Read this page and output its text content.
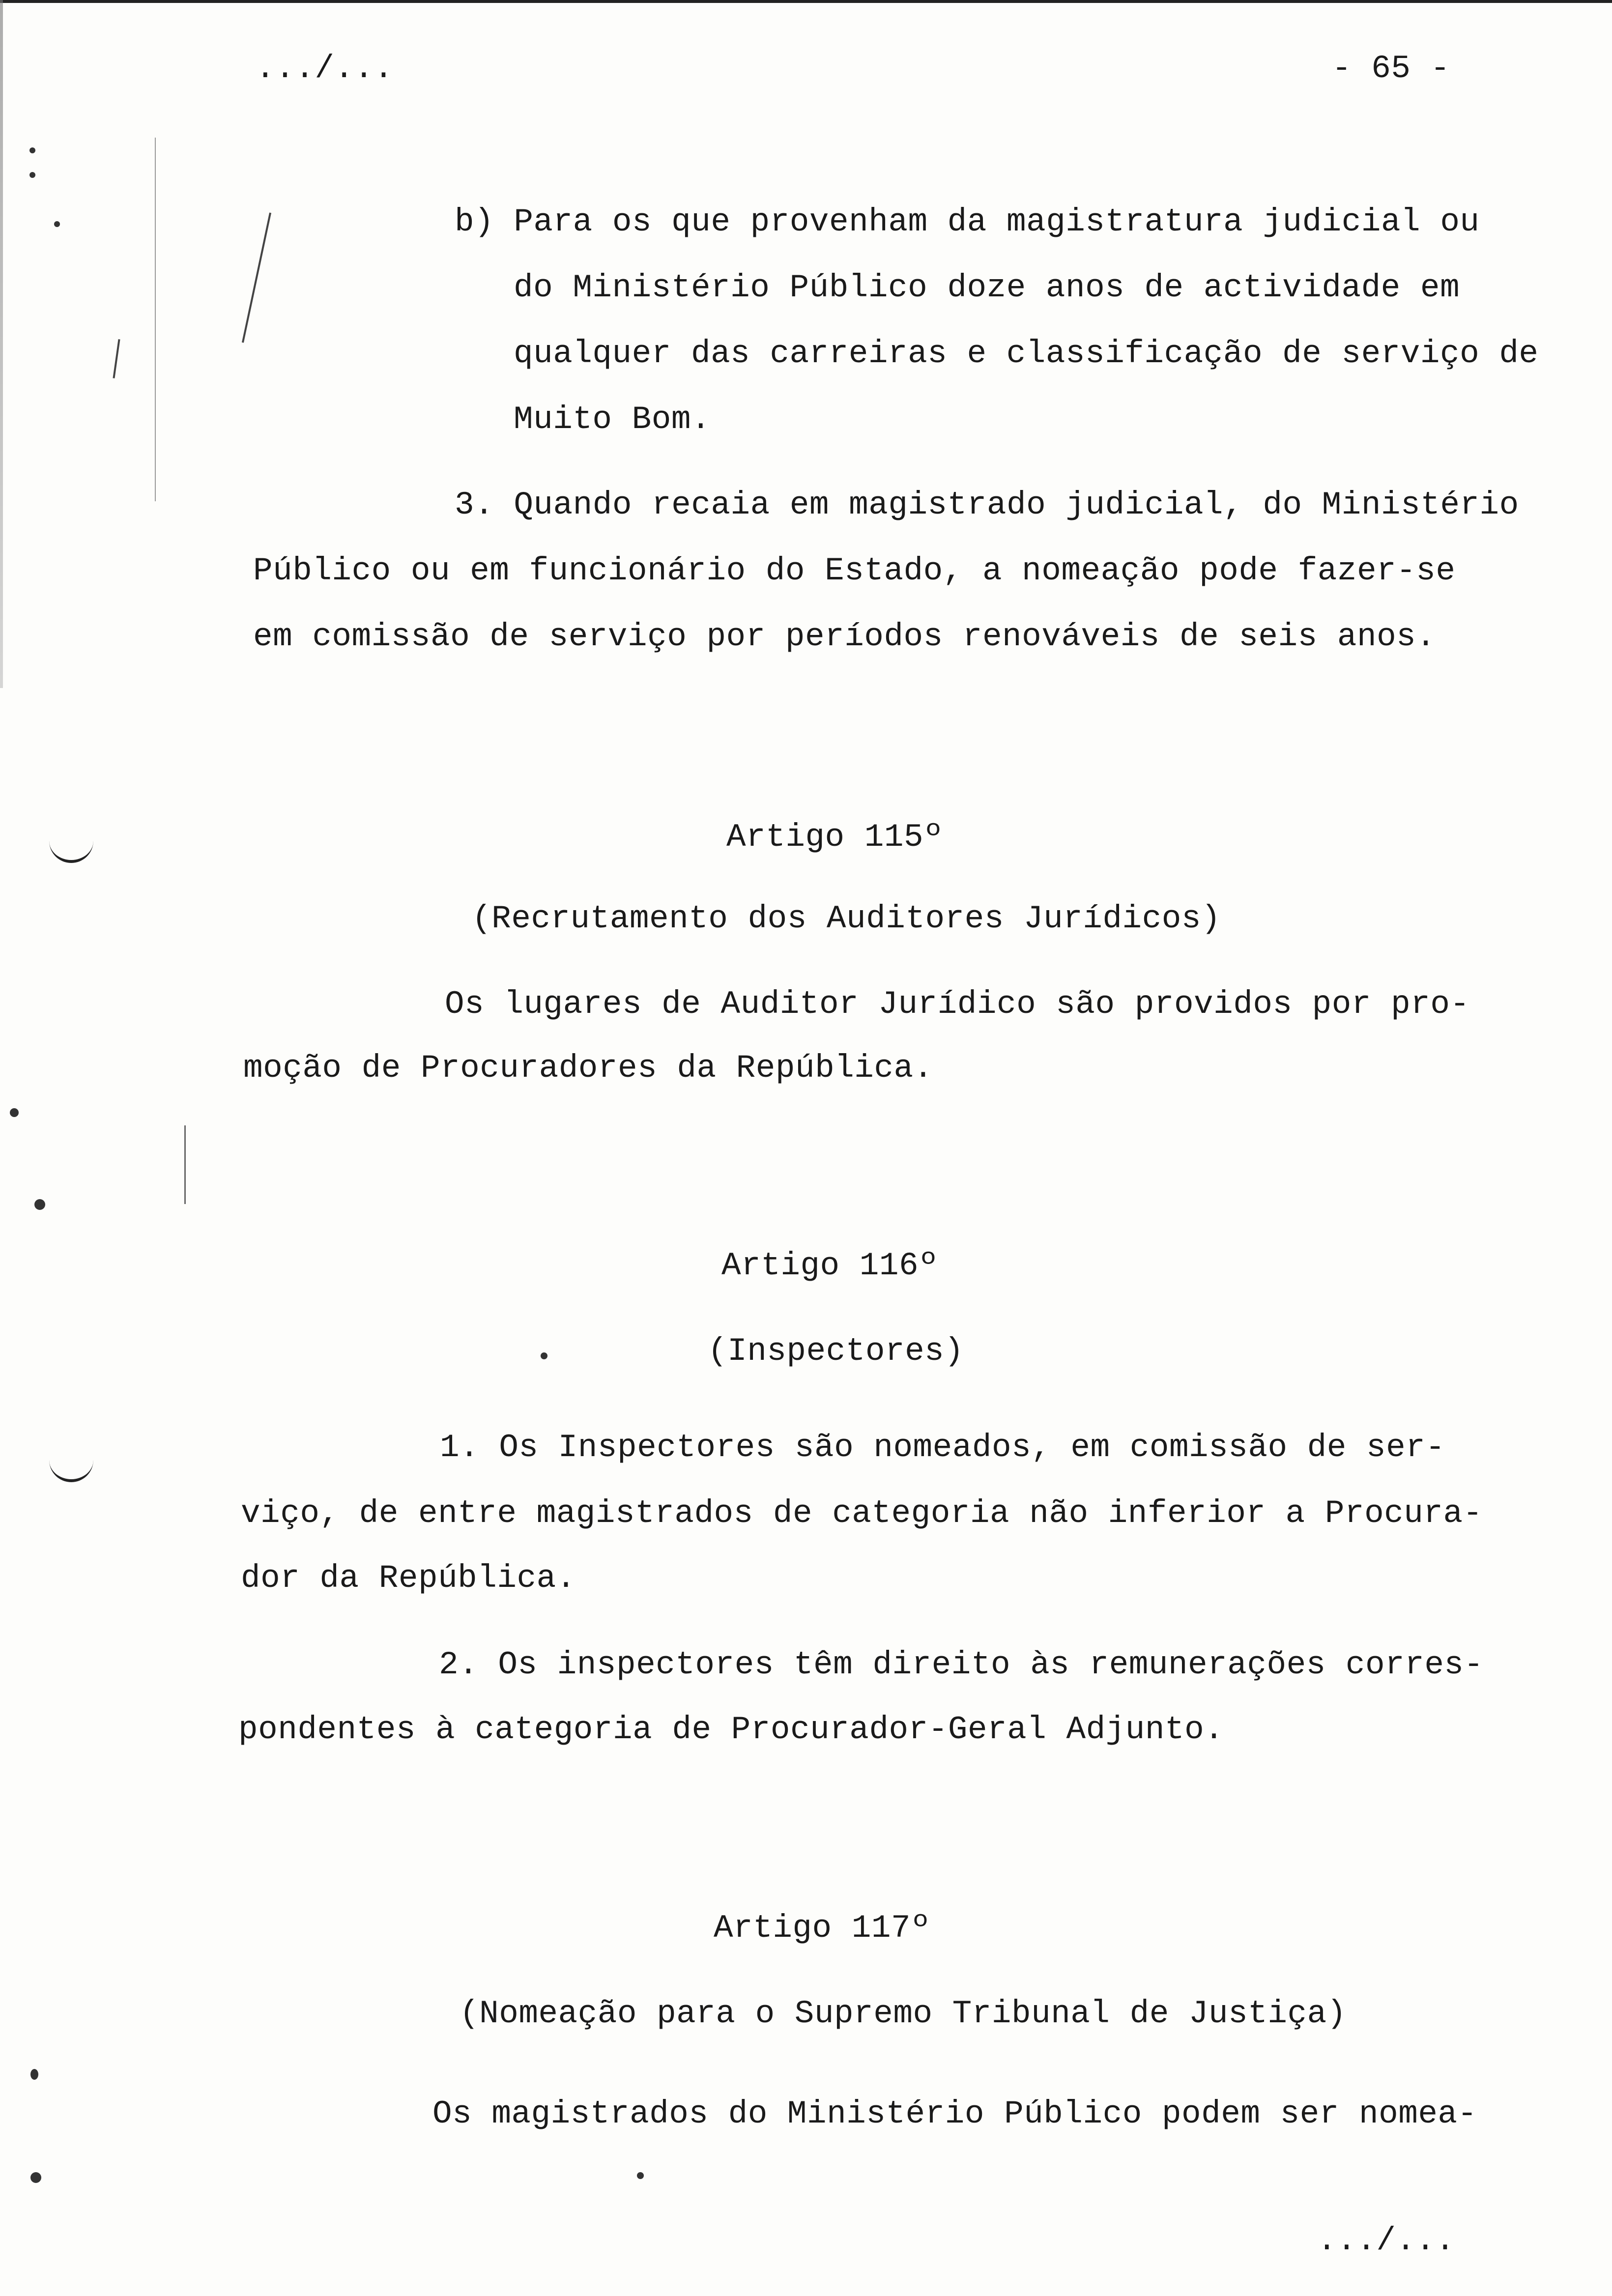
.../...	- 65 -
b) Para os que provenham da magistratura judicial ou
do Ministério Público doze anos de actividade em
qualquer das carreiras e classificação de serviço de
Muito Bom.
3. Quando recaia em magistrado judicial, do Ministério
Público ou em funcionário do Estado, a nomeação pode fazer-se
em comissão de serviço por períodos renováveis de seis anos.
Artigo 115º
(Recrutamento dos Auditores Jurídicos)
Os lugares de Auditor Jurídico são providos por pro-
moção de Procuradores da República.
Artigo 116º
(Inspectores)
1. Os Inspectores são nomeados, em comissão de ser-
viço, de entre magistrados de categoria não inferior a Procura-
dor da República.
2. Os inspectores têm direito às remunerações corres-
pondentes à categoria de Procurador-Geral Adjunto.
Artigo 117º
(Nomeação para o Supremo Tribunal de Justiça)
Os magistrados do Ministério Público podem ser nomea-
.../...
